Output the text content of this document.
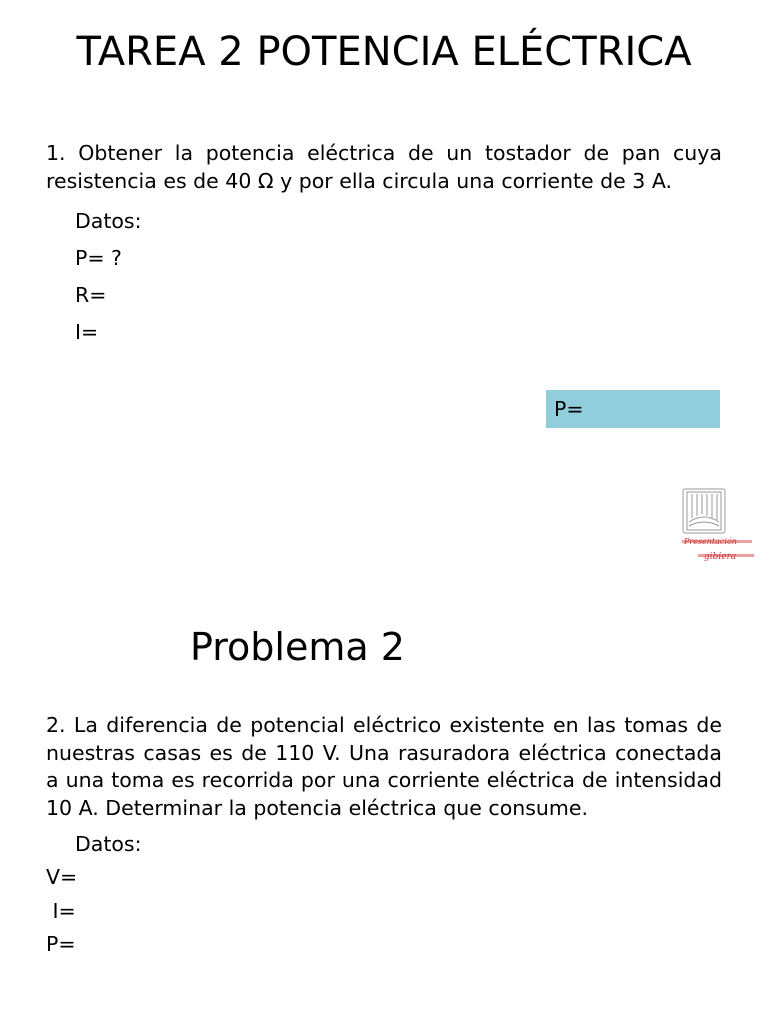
TAREA 2 POTENCIA ELÉCTRICA
1. Obtener la potencia eléctrica de un tostador de pan cuya resistencia es de 40 Ω y por ella circula una corriente de 3 A.
Datos:
P= ?
R=
I=
P=
Presentación
gibiera
Problema 2
2. La diferencia de potencial eléctrico existente en las tomas de nuestras casas es de 110 V. Una rasuradora eléctrica conectada a una toma es recorrida por una corriente eléctrica de intensidad 10 A. Determinar la potencia eléctrica que consume.
Datos:
V=
I=
P=
